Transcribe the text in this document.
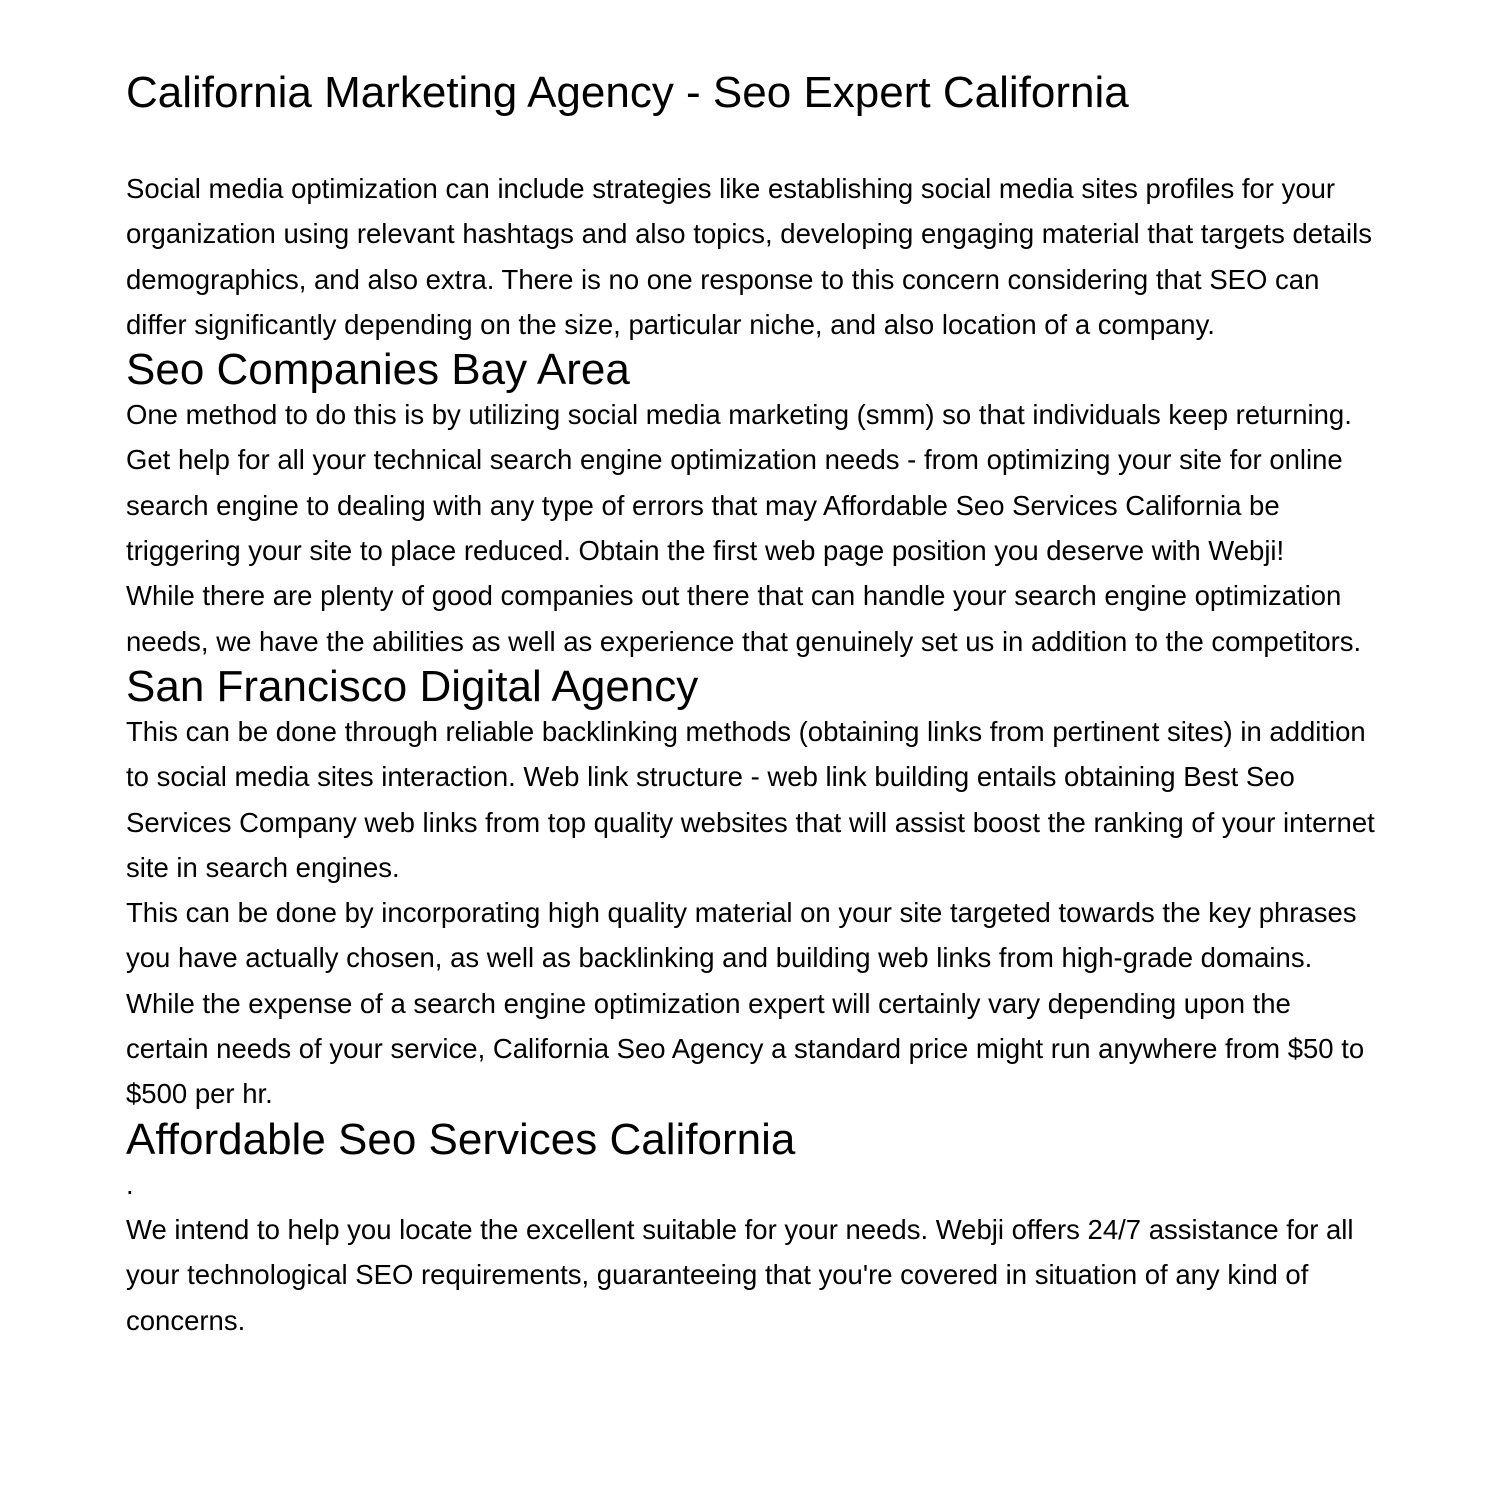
California Marketing Agency - Seo Expert California

Social media optimization can include strategies like establishing social media sites profiles for your organization using relevant hashtags and also topics, developing engaging material that targets details demographics, and also extra. There is no one response to this concern considering that SEO can differ significantly depending on the size, particular niche, and also location of a company.

Seo Companies Bay Area

One method to do this is by utilizing social media marketing (smm) so that individuals keep returning.

Get help for all your technical search engine optimization needs - from optimizing your site for online search engine to dealing with any type of errors that may Affordable Seo Services California be triggering your site to place reduced. Obtain the first web page position you deserve with Webji!

While there are plenty of good companies out there that can handle your search engine optimization needs, we have the abilities as well as experience that genuinely set us in addition to the competitors.

San Francisco Digital Agency

This can be done through reliable backlinking methods (obtaining links from pertinent sites) in addition to social media sites interaction. Web link structure - web link building entails obtaining Best Seo Services Company web links from top quality websites that will assist boost the ranking of your internet site in search engines.

This can be done by incorporating high quality material on your site targeted towards the key phrases you have actually chosen, as well as backlinking and building web links from high-grade domains. While the expense of a search engine optimization expert will certainly vary depending upon the certain needs of your service, California Seo Agency a standard price might run anywhere from $50 to $500 per hr.

Affordable Seo Services California

.

We intend to help you locate the excellent suitable for your needs. Webji offers 24/7 assistance for all your technological SEO requirements, guaranteeing that you're covered in situation of any kind of concerns.
